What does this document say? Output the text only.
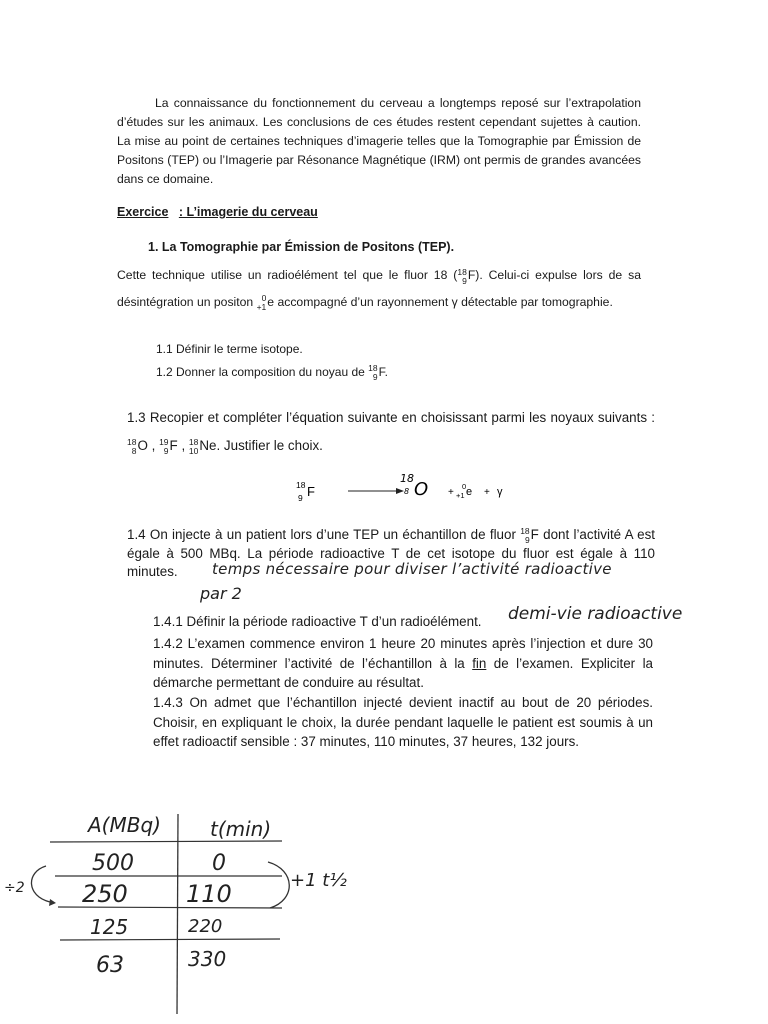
La connaissance du fonctionnement du cerveau a longtemps reposé sur l’extrapolation d’études sur les animaux. Les conclusions de ces études restent cependant sujettes à caution. La mise au point de certaines techniques d’imagerie telles que la Tomographie par Émission de Positons (TEP) ou l’Imagerie par Résonance Magnétique (IRM) ont permis de grandes avancées dans ce domaine.
Exercice : L’imagerie du cerveau
1. La Tomographie par Émission de Positons (TEP).
Cette technique utilise un radioélément tel que le fluor 18 ( 18
9 F). Celui-ci expulse lors de sa désintégration un positon 0
+1 e accompagné d’un rayonnement γ détectable par tomographie.
1.1 Définir le terme isotope.
1.2 Donner la composition du noyau de 18
9 F.
1.3 Recopier et compléter l’équation suivante en choisissant parmi les noyaux suivants :
18
8 O , 19
9 F , 18
10 Ne. Justifier le choix.
18
9 F
18
8 O +
0
+1 e + γ
1.4 On injecte à un patient lors d’une TEP un échantillon de fluor 18
9 F dont l’activité A est égale à 500 MBq. La période radioactive T de cet isotope du fluor est égale à 110 minutes.	temps nécessaire pour diviser l’activité radioactive
par 2
1.4.1 Définir la période radioactive T d’un radioélément.	demi-vie radioactive
1.4.2 L’examen commence environ 1 heure 20 minutes après l’injection et dure 30 minutes. Déterminer l’activité de l’échantillon à la fin de l’examen. Expliciter la démarche permettant de conduire au résultat.
1.4.3 On admet que l’échantillon injecté devient inactif au bout de 20 périodes. Choisir, en expliquant le choix, la durée pendant laquelle le patient est soumis à un effet radioactif sensible : 37 minutes, 110 minutes, 37 heures, 132 jours.
A(MBq) t(min)
500	0
250 110
125	220
63	330
÷2	+1 t½
